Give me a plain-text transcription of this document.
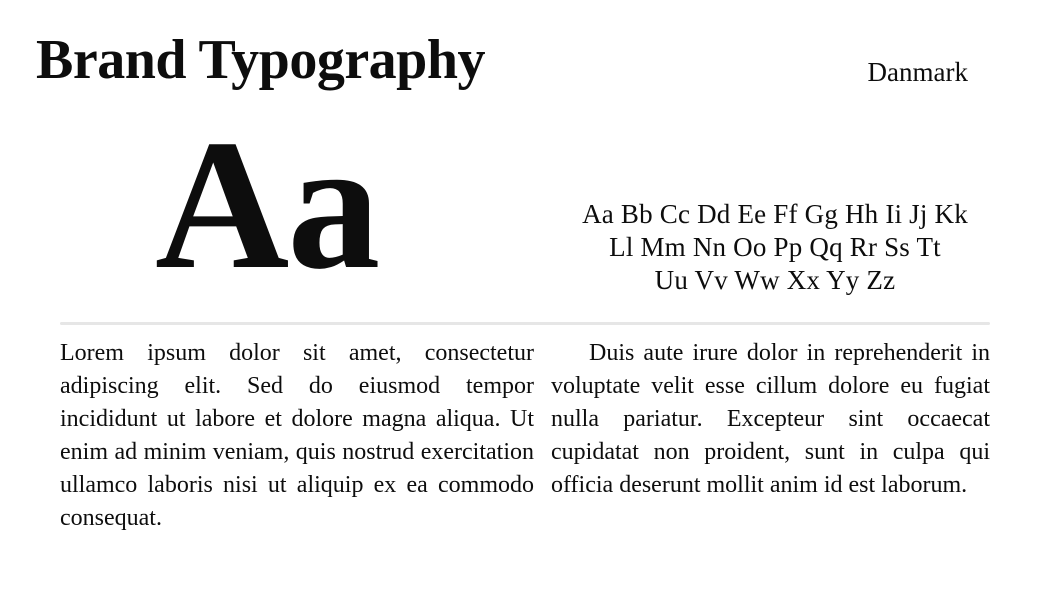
Brand Typography	Danmark
Aa	Aa Bb Cc Dd Ee Ff Gg Hh Ii Jj Kk
Ll Mm Nn Oo Pp Qq Rr Ss Tt
Uu Vv Ww Xx Yy Zz

Lorem ipsum dolor sit amet, consectetur adipiscing elit. Sed do eiusmod tempor incididunt ut labore et dolore magna aliqua. Ut enim ad minim veniam, quis nostrud exercitation ullamco laboris nisi ut aliquip ex ea commodo consequat.

Duis aute irure dolor in reprehenderit in voluptate velit esse cillum dolore eu fugiat nulla pariatur. Excepteur sint occaecat cupidatat non proident, sunt in culpa qui officia deserunt mollit anim id est laborum.
